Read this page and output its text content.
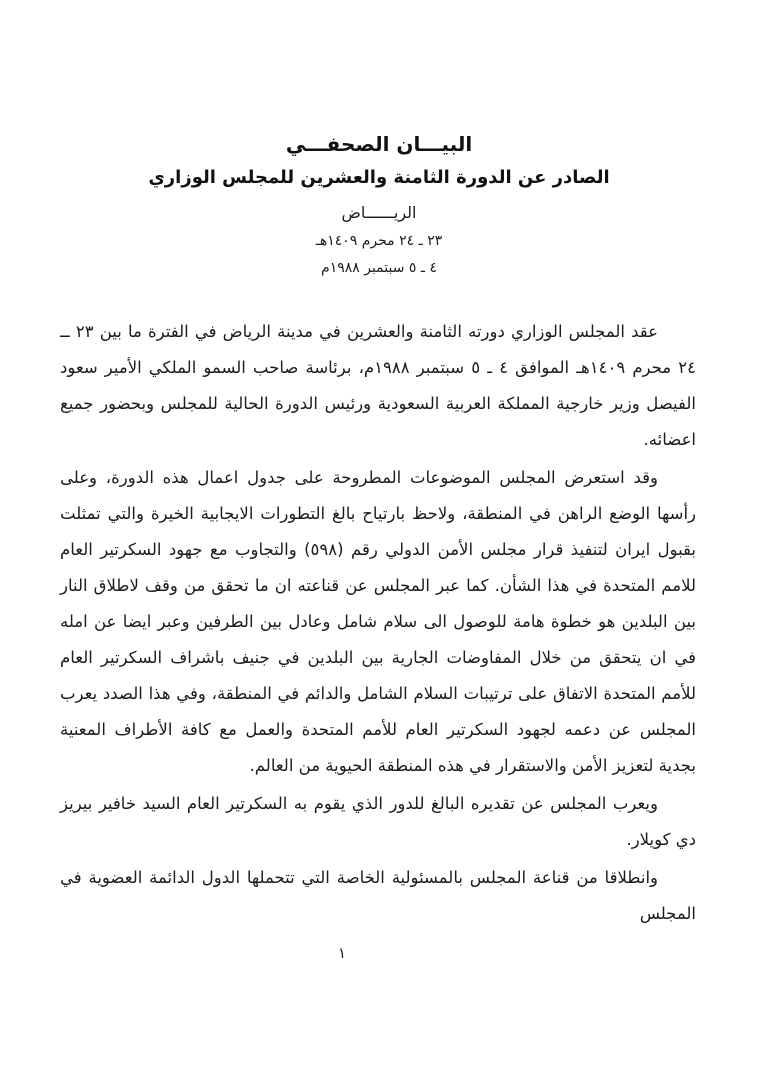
البيـــان الصحفـــي
الصادر عن الدورة الثامنة والعشرين للمجلس الوزاري
الريــــــاض
٢٣ ـ ٢٤ محرم ١٤٠٩هـ
٤ ـ ٥ سبتمبر ١٩٨٨م

عقد المجلس الوزاري دورته الثامنة والعشرين في مدينة الرياض في الفترة ما بين ٢٣ ــ ٢٤ محرم ١٤٠٩هـ الموافق ٤ ـ ٥ سبتمبر ١٩٨٨م، برئاسة صاحب السمو الملكي الأمير سعود الفيصل وزير خارجية المملكة العربية السعودية ورئيس الدورة الحالية للمجلس وبحضور جميع اعضائه.

وقد استعرض المجلس الموضوعات المطروحة على جدول اعمال هذه الدورة، وعلى رأسها الوضع الراهن في المنطقة، ولاحظ بارتياح بالغ التطورات الايجابية الخيرة والتي تمثلت بقبول ايران لتنفيذ قرار مجلس الأمن الدولي رقم (٥٩٨) والتجاوب مع جهود السكرتير العام للامم المتحدة في هذا الشأن. كما عبر المجلس عن قناعته ان ما تحقق من وقف لاطلاق النار بين البلدين هو خطوة هامة للوصول الى سلام شامل وعادل بين الطرفين وعبر ايضا عن امله في ان يتحقق من خلال المفاوضات الجارية بين البلدين في جنيف باشراف السكرتير العام للأمم المتحدة الاتفاق على ترتيبات السلام الشامل والدائم في المنطقة، وفي هذا الصدد يعرب المجلس عن دعمه لجهود السكرتير العام للأمم المتحدة والعمل مع كافة الأطراف المعنية بجدية لتعزيز الأمن والاستقرار في هذه المنطقة الحيوية من العالم.

ويعرب المجلس عن تقديره البالغ للدور الذي يقوم به السكرتير العام السيد خافير بيريز دي كويلار.

وانطلاقا من قناعة المجلس بالمسئولية الخاصة التي تتحملها الدول الدائمة العضوية في المجلس

١
